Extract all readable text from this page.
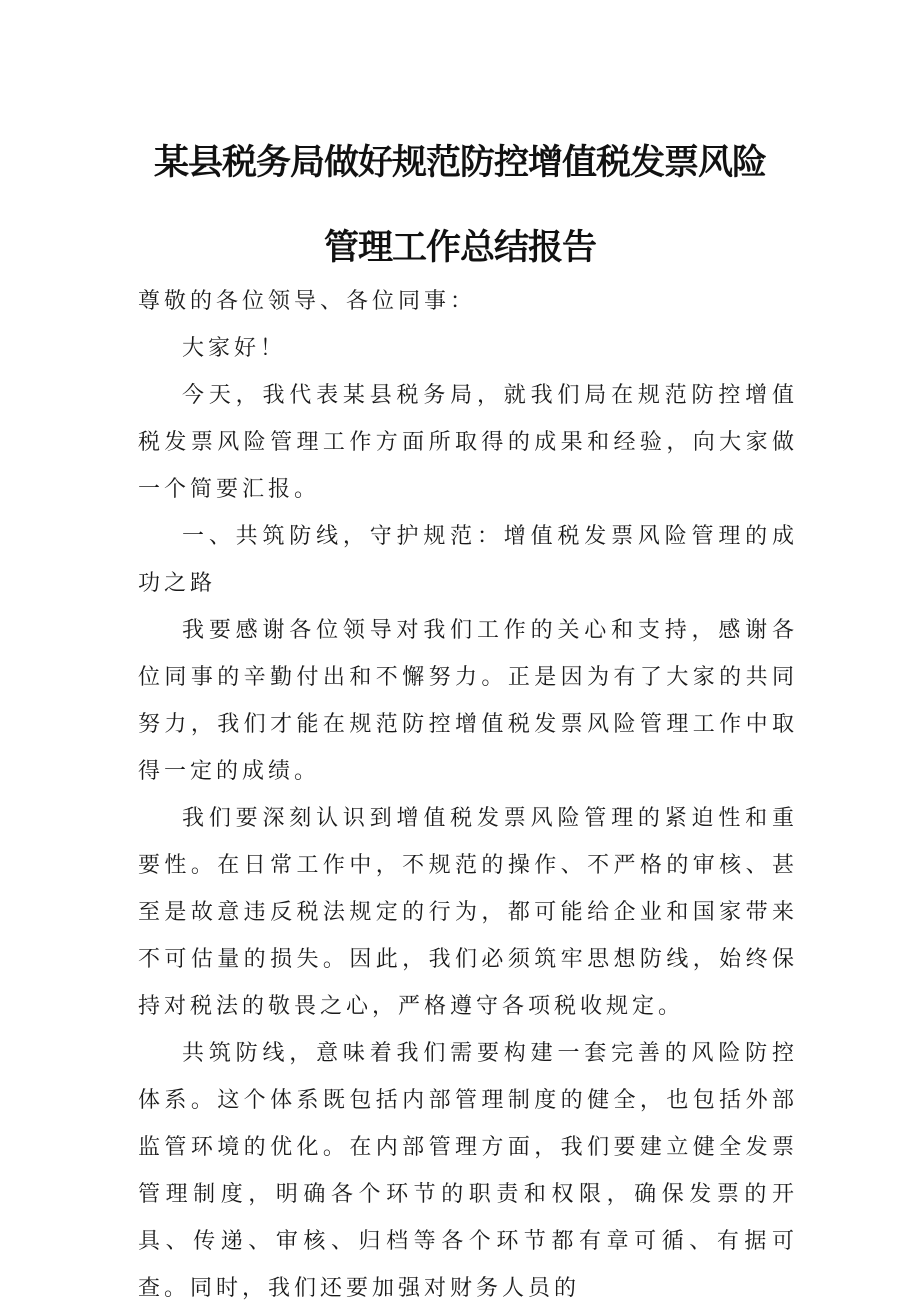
某县税务局做好规范防控增值税发票风险
管理工作总结报告

尊敬的各位领导、各位同事：

大家好！

今天，我代表某县税务局，就我们局在规范防控增值税发票风险管理工作方面所取得的成果和经验，向大家做一个简要汇报。

一、共筑防线，守护规范：增值税发票风险管理的成功之路

我要感谢各位领导对我们工作的关心和支持，感谢各位同事的辛勤付出和不懈努力。正是因为有了大家的共同努力，我们才能在规范防控增值税发票风险管理工作中取得一定的成绩。

我们要深刻认识到增值税发票风险管理的紧迫性和重要性。在日常工作中，不规范的操作、不严格的审核、甚至是故意违反税法规定的行为，都可能给企业和国家带来不可估量的损失。因此，我们必须筑牢思想防线，始终保持对税法的敬畏之心，严格遵守各项税收规定。

共筑防线，意味着我们需要构建一套完善的风险防控体系。这个体系既包括内部管理制度的健全，也包括外部监管环境的优化。在内部管理方面，我们要建立健全发票管理制度，明确各个环节的职责和权限，确保发票的开具、传递、审核、归档等各个环节都有章可循、有据可查。同时，我们还要加强对财务人员的
